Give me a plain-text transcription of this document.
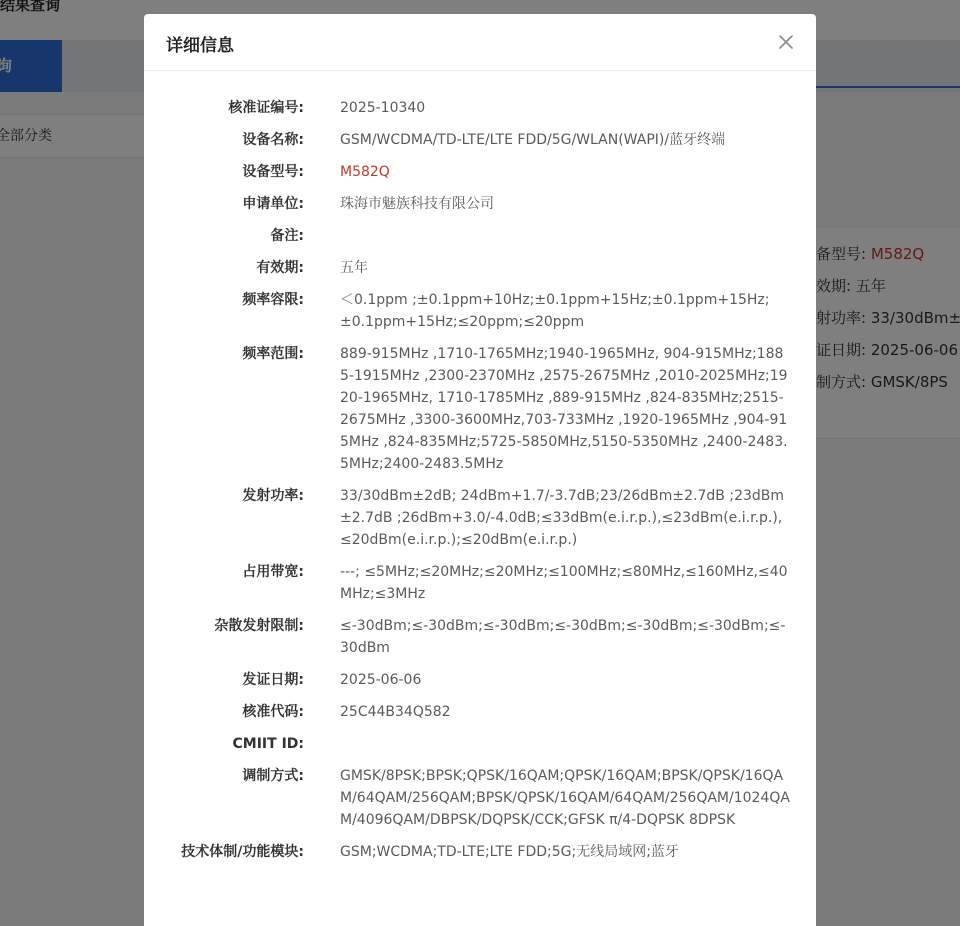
详细信息
核准证编号:	2025-10340
设备名称:	GSM/WCDMA/TD-LTE/LTE FDD/5G/WLAN(WAPI)/蓝牙终端
设备型号:	M582Q
申请单位:	珠海市魅族科技有限公司
备注:
有效期:	五年
频率容限:	＜0.1ppm ;±0.1ppm+10Hz;±0.1ppm+15Hz;±0.1ppm+15Hz;±0.1ppm+15Hz;≤20ppm;≤20ppm
频率范围:	889-915MHz ,1710-1765MHz;1940-1965MHz, 904-915MHz;1885-1915MHz ,2300-2370MHz ,2575-2675MHz ,2010-2025MHz;1920-1965MHz, 1710-1785MHz ,889-915MHz ,824-835MHz;2515-2675MHz ,3300-3600MHz,703-733MHz ,1920-1965MHz ,904-915MHz ,824-835MHz;5725-5850MHz,5150-5350MHz ,2400-2483.5MHz;2400-2483.5MHz
发射功率:	33/30dBm±2dB; 24dBm+1.7/-3.7dB;23/26dBm±2.7dB ;23dBm±2.7dB ;26dBm+3.0/-4.0dB;≤33dBm(e.i.r.p.),≤23dBm(e.i.r.p.),≤20dBm(e.i.r.p.);≤20dBm(e.i.r.p.)
占用带宽:	---; ≤5MHz;≤20MHz;≤20MHz;≤100MHz;≤80MHz,≤160MHz,≤40MHz;≤3MHz
杂散发射限制:	≤-30dBm;≤-30dBm;≤-30dBm;≤-30dBm;≤-30dBm;≤-30dBm;≤-30dBm
发证日期:	2025-06-06
核准代码:	25C44B34Q582
CMIIT ID:
调制方式:	GMSK/8PSK;BPSK;QPSK/16QAM;QPSK/16QAM;BPSK/QPSK/16QAM/64QAM/256QAM;BPSK/QPSK/16QAM/64QAM/256QAM/1024QAM/4096QAM/DBPSK/DQPSK/CCK;GFSK π/4-DQPSK 8DPSK
技术体制/功能模块:	GSM;WCDMA;TD-LTE;LTE FDD;5G;无线局域网;蓝牙
